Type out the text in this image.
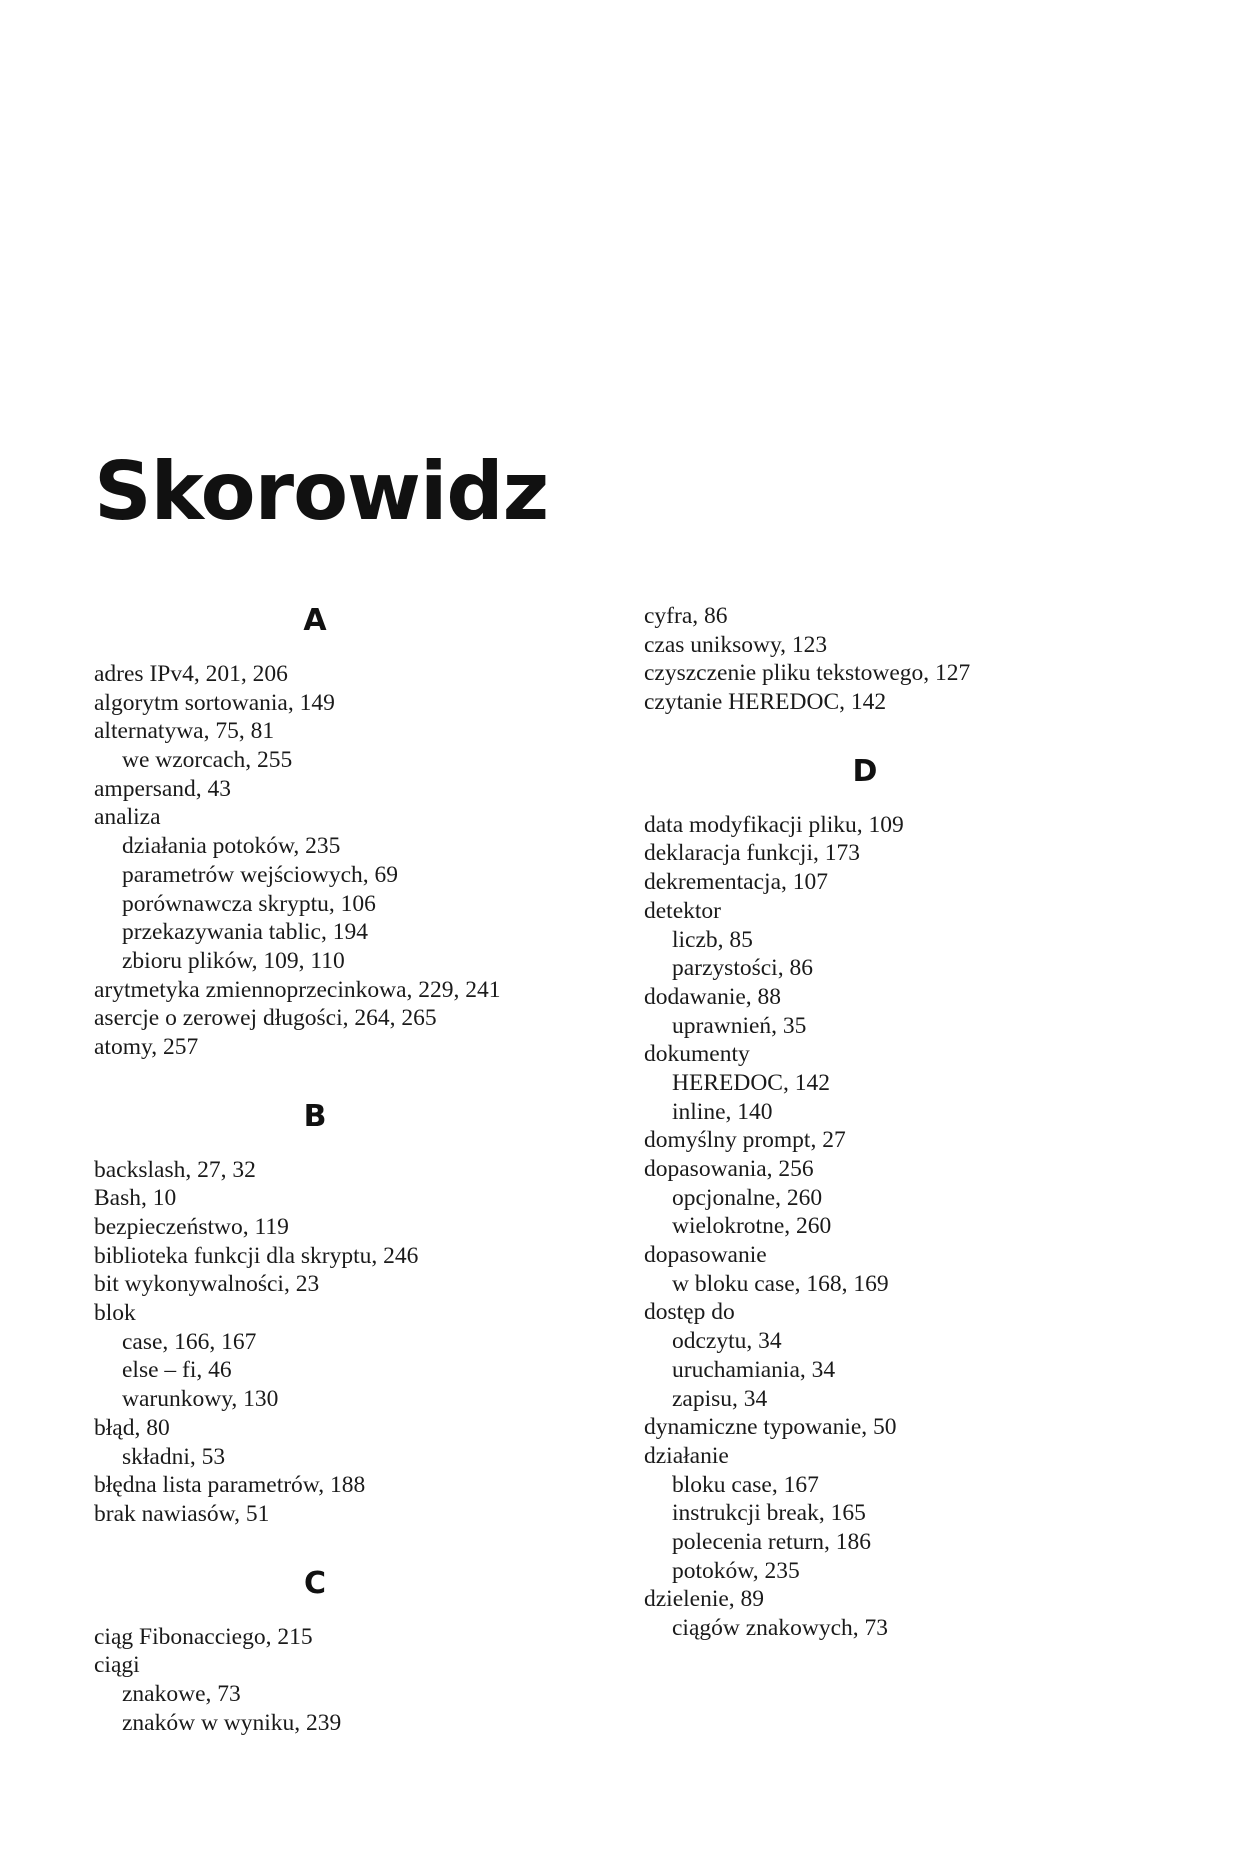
Skorowidz
A
adres IPv4, 201, 206
algorytm sortowania, 149
alternatywa, 75, 81
we wzorcach, 255
ampersand, 43
analiza
działania potoków, 235
parametrów wejściowych, 69
porównawcza skryptu, 106
przekazywania tablic, 194
zbioru plików, 109, 110
arytmetyka zmiennoprzecinkowa, 229, 241
asercje o zerowej długości, 264, 265
atomy, 257
B
backslash, 27, 32
Bash, 10
bezpieczeństwo, 119
biblioteka funkcji dla skryptu, 246
bit wykonywalności, 23
blok
case, 166, 167
else – fi, 46
warunkowy, 130
błąd, 80
składni, 53
błędna lista parametrów, 188
brak nawiasów, 51
C
ciąg Fibonacciego, 215
ciągi
znakowe, 73
znaków w wyniku, 239
cyfra, 86
czas uniksowy, 123
czyszczenie pliku tekstowego, 127
czytanie HEREDOC, 142
D
data modyfikacji pliku, 109
deklaracja funkcji, 173
dekrementacja, 107
detektor
liczb, 85
parzystości, 86
dodawanie, 88
uprawnień, 35
dokumenty
HEREDOC, 142
inline, 140
domyślny prompt, 27
dopasowania, 256
opcjonalne, 260
wielokrotne, 260
dopasowanie
w bloku case, 168, 169
dostęp do
odczytu, 34
uruchamiania, 34
zapisu, 34
dynamiczne typowanie, 50
działanie
bloku case, 167
instrukcji break, 165
polecenia return, 186
potoków, 235
dzielenie, 89
ciągów znakowych, 73
